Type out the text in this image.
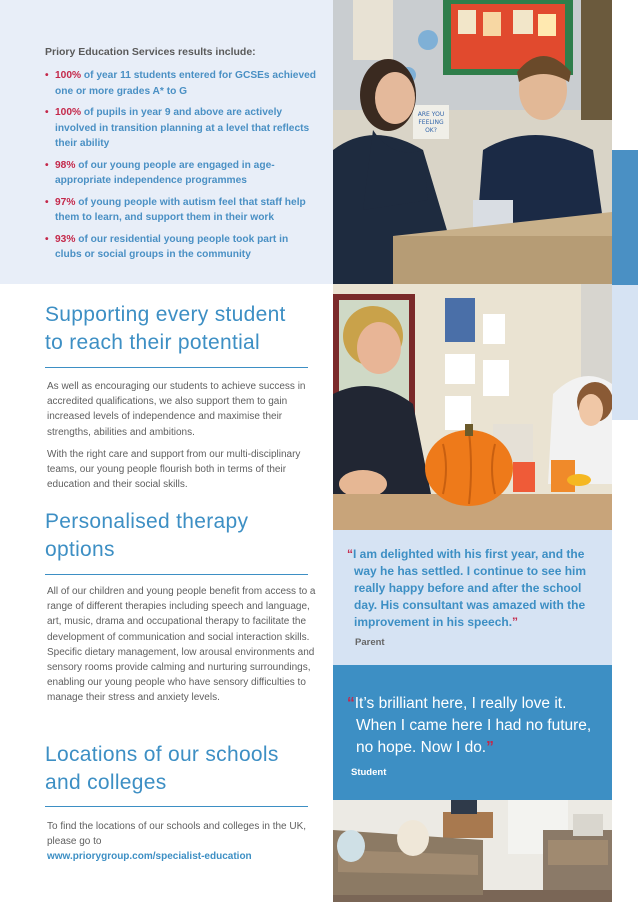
Priory Education Services results include:
• 100% of year 11 students entered for GCSEs achieved one or more grades A* to G
• 100% of pupils in year 9 and above are actively involved in transition planning at a level that reflects their ability
• 98% of our young people are engaged in age-appropriate independence programmes
• 97% of young people with autism feel that staff help them to learn, and support them in their work
• 93% of our residential young people took part in clubs or social groups in the community
Supporting every student
to reach their potential

As well as encouraging our students to achieve success in accredited qualifications, we also support them to gain increased levels of independence and maximise their strengths, abilities and ambitions.

With the right care and support from our multi-disciplinary teams, our young people flourish both in terms of their education and their social skills.

Personalised therapy
options

All of our children and young people benefit from access to a range of different therapies including speech and language, art, music, drama and occupational therapy to facilitate the development of communication and social interaction skills. Specific dietary management, low arousal environments and sensory rooms provide calming and nurturing surroundings, enabling our young people who have sensory difficulties to manage their stress and anxiety levels.

Locations of our schools
and colleges

To find the locations of our schools and colleges in the UK, please go to

www.priorygroup.com/specialist-education
ARE YOU
FEELING
OK?
“I am delighted with his first year, and the way he has settled. I continue to see him really happy before and after the school day. His consultant was amazed with the improvement in his speech.”
Parent
“It’s brilliant here, I really love it. When I came here I had no future, no hope. Now I do.”
Student
